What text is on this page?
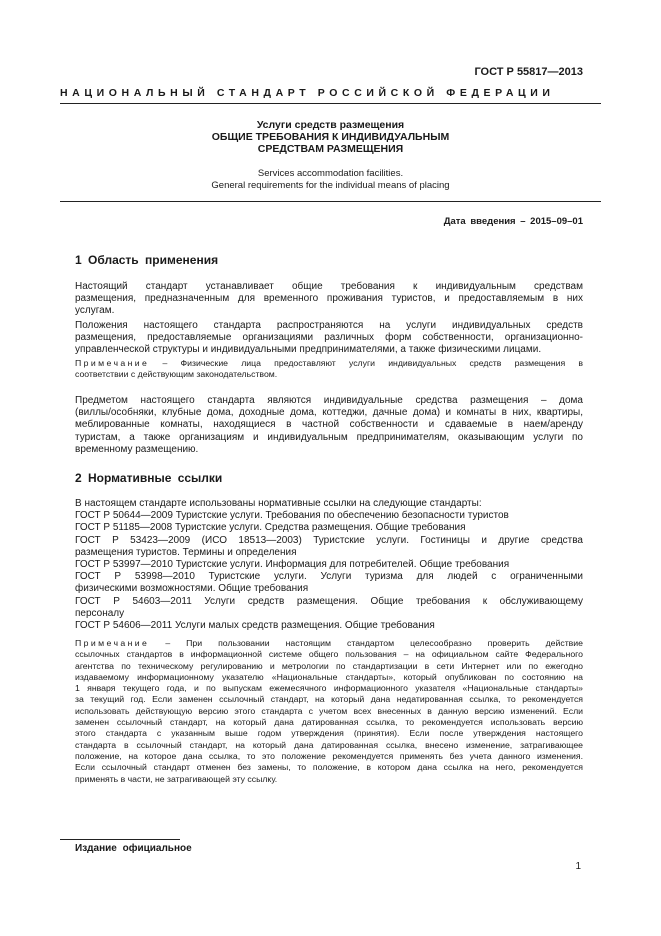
ГОСТ Р 55817—2013
НАЦИОНАЛЬНЫЙ СТАНДАРТ РОССИЙСКОЙ ФЕДЕРАЦИИ
Услуги средств размещения
ОБЩИЕ ТРЕБОВАНИЯ К ИНДИВИДУАЛЬНЫМ
СРЕДСТВАМ РАЗМЕЩЕНИЯ
Services accommodation facilities.
General requirements for the individual means of placing
Дата введения – 2015–09–01
1 Область применения
Настоящий стандарт устанавливает общие требования к индивидуальным средствам
размещения, предназначенным для временного проживания туристов, и предоставляемым в них
услугам.
Положения настоящего стандарта распространяются на услуги индивидуальных средств
размещения, предоставляемые организациями различных форм собственности, организационно-
управленческой структуры и индивидуальными предпринимателями, а также физическими лицами.
Примечание – Физические лица предоставляют услуги индивидуальных средств размещения в
соответствии с действующим законодательством.
Предметом настоящего стандарта являются индивидуальные средства размещения – дома
(виллы/особняки, клубные дома, доходные дома, коттеджи, дачные дома) и комнаты в них, квартиры,
меблированные комнаты, находящиеся в частной собственности и сдаваемые в наем/аренду
туристам, а также организациям и индивидуальным предпринимателям, оказывающим услуги по
временному размещению.
2 Нормативные ссылки
В настоящем стандарте использованы нормативные ссылки на следующие стандарты:
ГОСТ Р 50644—2009 Туристские услуги. Требования по обеспечению безопасности туристов
ГОСТ Р 51185—2008 Туристские услуги. Средства размещения. Общие требования
ГОСТ Р 53423—2009 (ИСО 18513—2003) Туристские услуги. Гостиницы и другие средства
размещения туристов. Термины и определения
ГОСТ Р 53997—2010 Туристские услуги. Информация для потребителей. Общие требования
ГОСТ Р 53998—2010 Туристские услуги. Услуги туризма для людей с ограниченными
физическими возможностями. Общие требования
ГОСТ Р 54603—2011 Услуги средств размещения. Общие требования к обслуживающему
персоналу
ГОСТ Р 54606—2011 Услуги малых средств размещения. Общие требования
Примечание – При пользовании настоящим стандартом целесообразно проверить действие
ссылочных стандартов в информационной системе общего пользования – на официальном сайте Федерального
агентства по техническому регулированию и метрологии по стандартизации в сети Интернет или по ежегодно
издаваемому информационному указателю «Национальные стандарты», который опубликован по состоянию на
1 января текущего года, и по выпускам ежемесячного информационного указателя «Национальные стандарты»
за текущий год. Если заменен ссылочный стандарт, на который дана недатированная ссылка, то рекомендуется
использовать действующую версию этого стандарта с учетом всех внесенных в данную версию изменений. Если
заменен ссылочный стандарт, на который дана датированная ссылка, то рекомендуется использовать версию
этого стандарта с указанным выше годом утверждения (принятия). Если после утверждения настоящего
стандарта в ссылочный стандарт, на который дана датированная ссылка, внесено изменение, затрагивающее
положение, на которое дана ссылка, то это положение рекомендуется применять без учета данного изменения.
Если ссылочный стандарт отменен без замены, то положение, в котором дана ссылка на него, рекомендуется
применять в части, не затрагивающей эту ссылку.
Издание официальное
1
